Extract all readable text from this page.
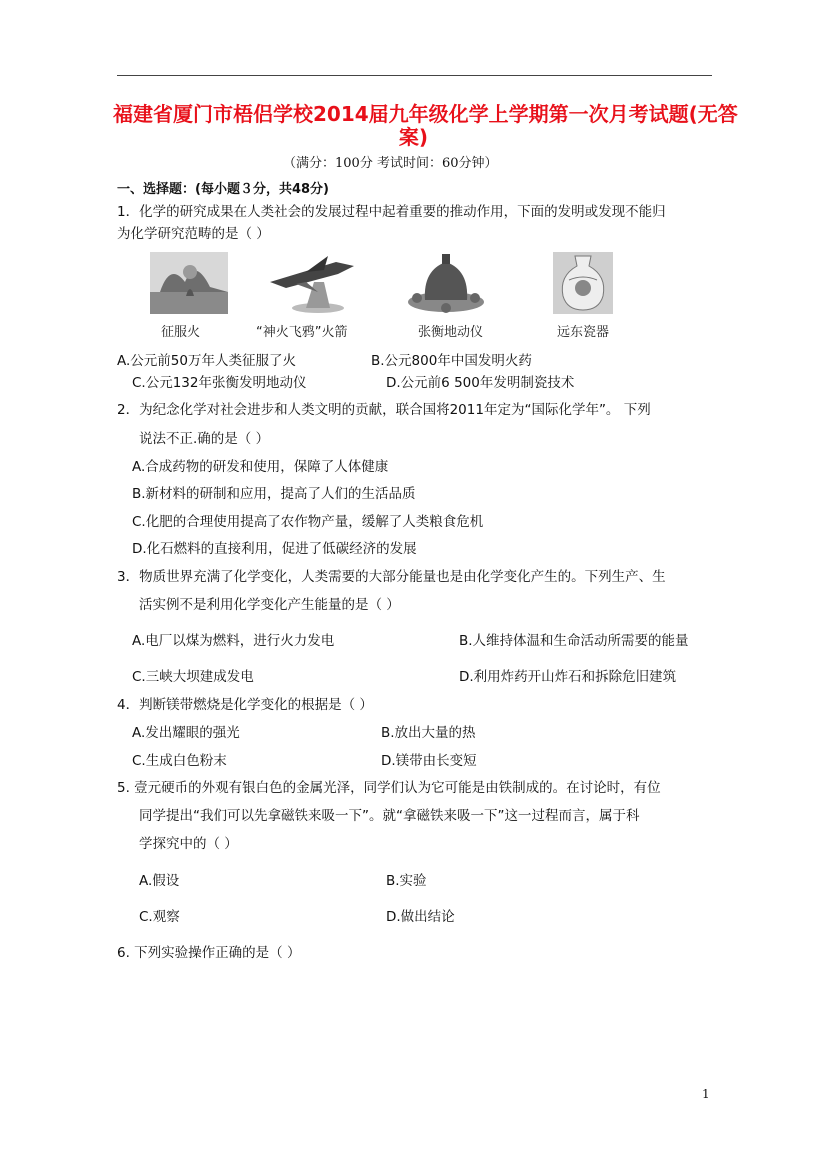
福建省厦门市梧侣学校2014届九年级化学上学期第一次月考试题(无答
案)
（满分：100分 考试时间：60分钟）
一、选择题：(每小题３分，共48分)
1．化学的研究成果在人类社会的发展过程中起着重要的推动作用，下面的发明或发现不能归
为化学研究范畴的是（ ）
征服火	“神火飞鸦”火箭	张衡地动仪	远东瓷器
A.公元前50万年人类征服了火	B.公元800年中国发明火药
C.公元132年张衡发明地动仪	D.公元前6 500年发明制瓷技术
2．为纪念化学对社会进步和人类文明的贡献，联合国将2011年定为“国际化学年”。 下列
说法不正.确的是（ ）
A.合成药物的研发和使用，保障了人体健康
B.新材料的研制和应用，提高了人们的生活品质
C.化肥的合理使用提高了农作物产量，缓解了人类粮食危机
D.化石燃料的直接利用，促进了低碳经济的发展
3．物质世界充满了化学变化，人类需要的大部分能量也是由化学变化产生的。下列生产、生
活实例不是利用化学变化产生能量的是（ ）
A.电厂以煤为燃料，进行火力发电	B.人维持体温和生命活动所需要的能量
C.三峡大坝建成发电	D.利用炸药开山炸石和拆除危旧建筑
4．判断镁带燃烧是化学变化的根据是（ ）
A.发出耀眼的强光	B.放出大量的热
C.生成白色粉末	D.镁带由长变短
5. 壹元硬币的外观有银白色的金属光泽，同学们认为它可能是由铁制成的。在讨论时，有位
同学提出“我们可以先拿磁铁来吸一下”。就“拿磁铁来吸一下”这一过程而言，属于科
学探究中的（ ）
A.假设	B.实验
C.观察	D.做出结论
6. 下列实验操作正确的是（ ）
1
